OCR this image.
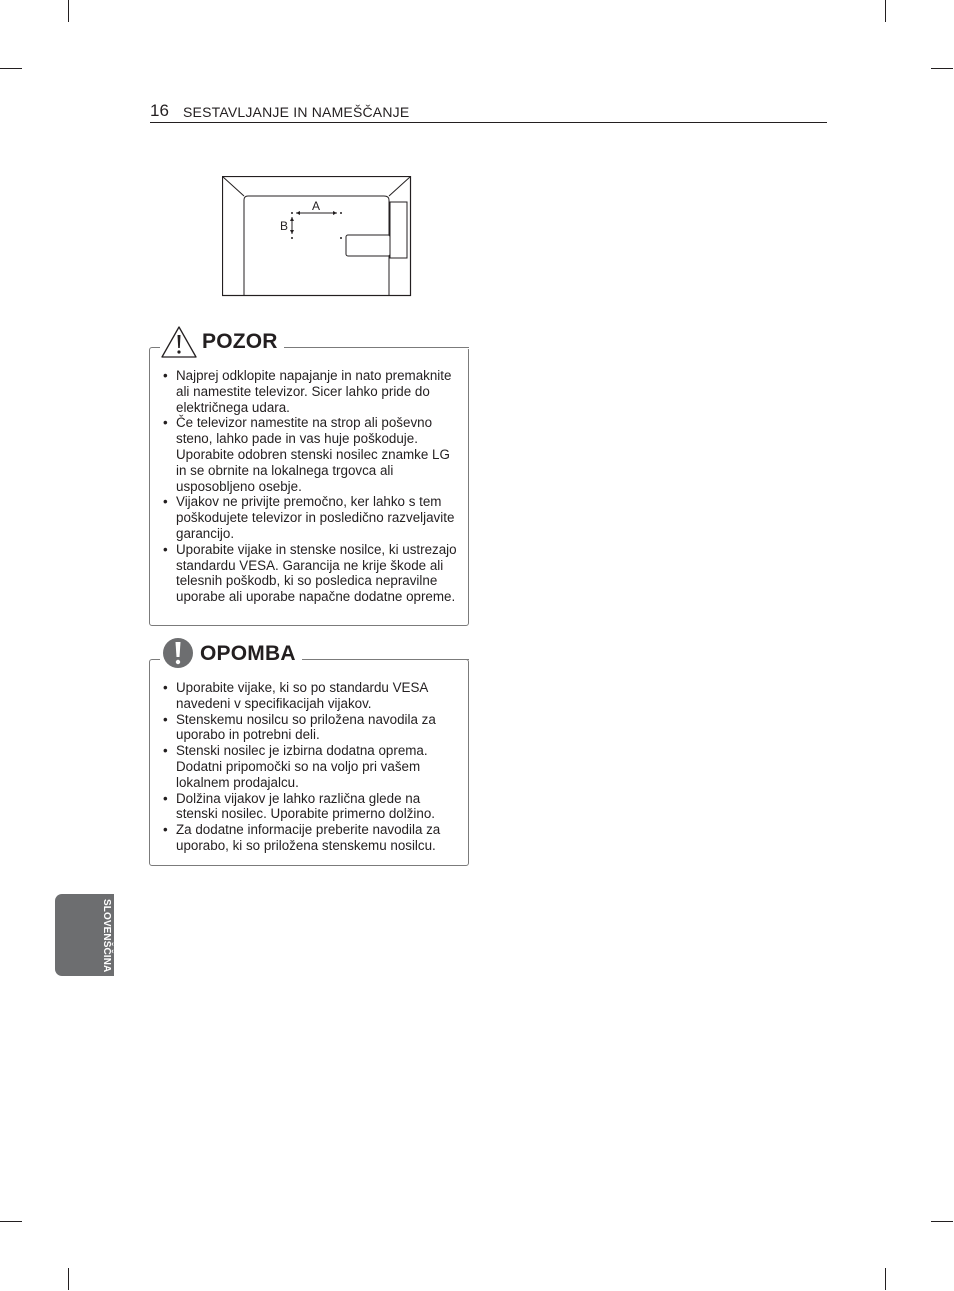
16 SESTAVLJANJE IN NAMEŠČANJE
A
B
POZOR
• Najprej odklopite napajanje in nato premaknite ali namestite televizor. Sicer lahko pride do električnega udara.
• Če televizor namestite na strop ali poševno steno, lahko pade in vas huje poškoduje. Uporabite odobren stenski nosilec znamke LG in se obrnite na lokalnega trgovca ali usposobljeno osebje.
• Vijakov ne privijte premočno, ker lahko s tem poškodujete televizor in posledično razveljavite garancijo.
• Uporabite vijake in stenske nosilce, ki ustrezajo standardu VESA. Garancija ne krije škode ali telesnih poškodb, ki so posledica nepravilne uporabe ali uporabe napačne dodatne opreme.
OPOMBA
• Uporabite vijake, ki so po standardu VESA navedeni v specifikacijah vijakov.
• Stenskemu nosilcu so priložena navodila za uporabo in potrebni deli.
• Stenski nosilec je izbirna dodatna oprema. Dodatni pripomočki so na voljo pri vašem lokalnem prodajalcu.
• Dolžina vijakov je lahko različna glede na stenski nosilec. Uporabite primerno dolžino.
• Za dodatne informacije preberite navodila za uporabo, ki so priložena stenskemu nosilcu.
SLOVENŠČINA
